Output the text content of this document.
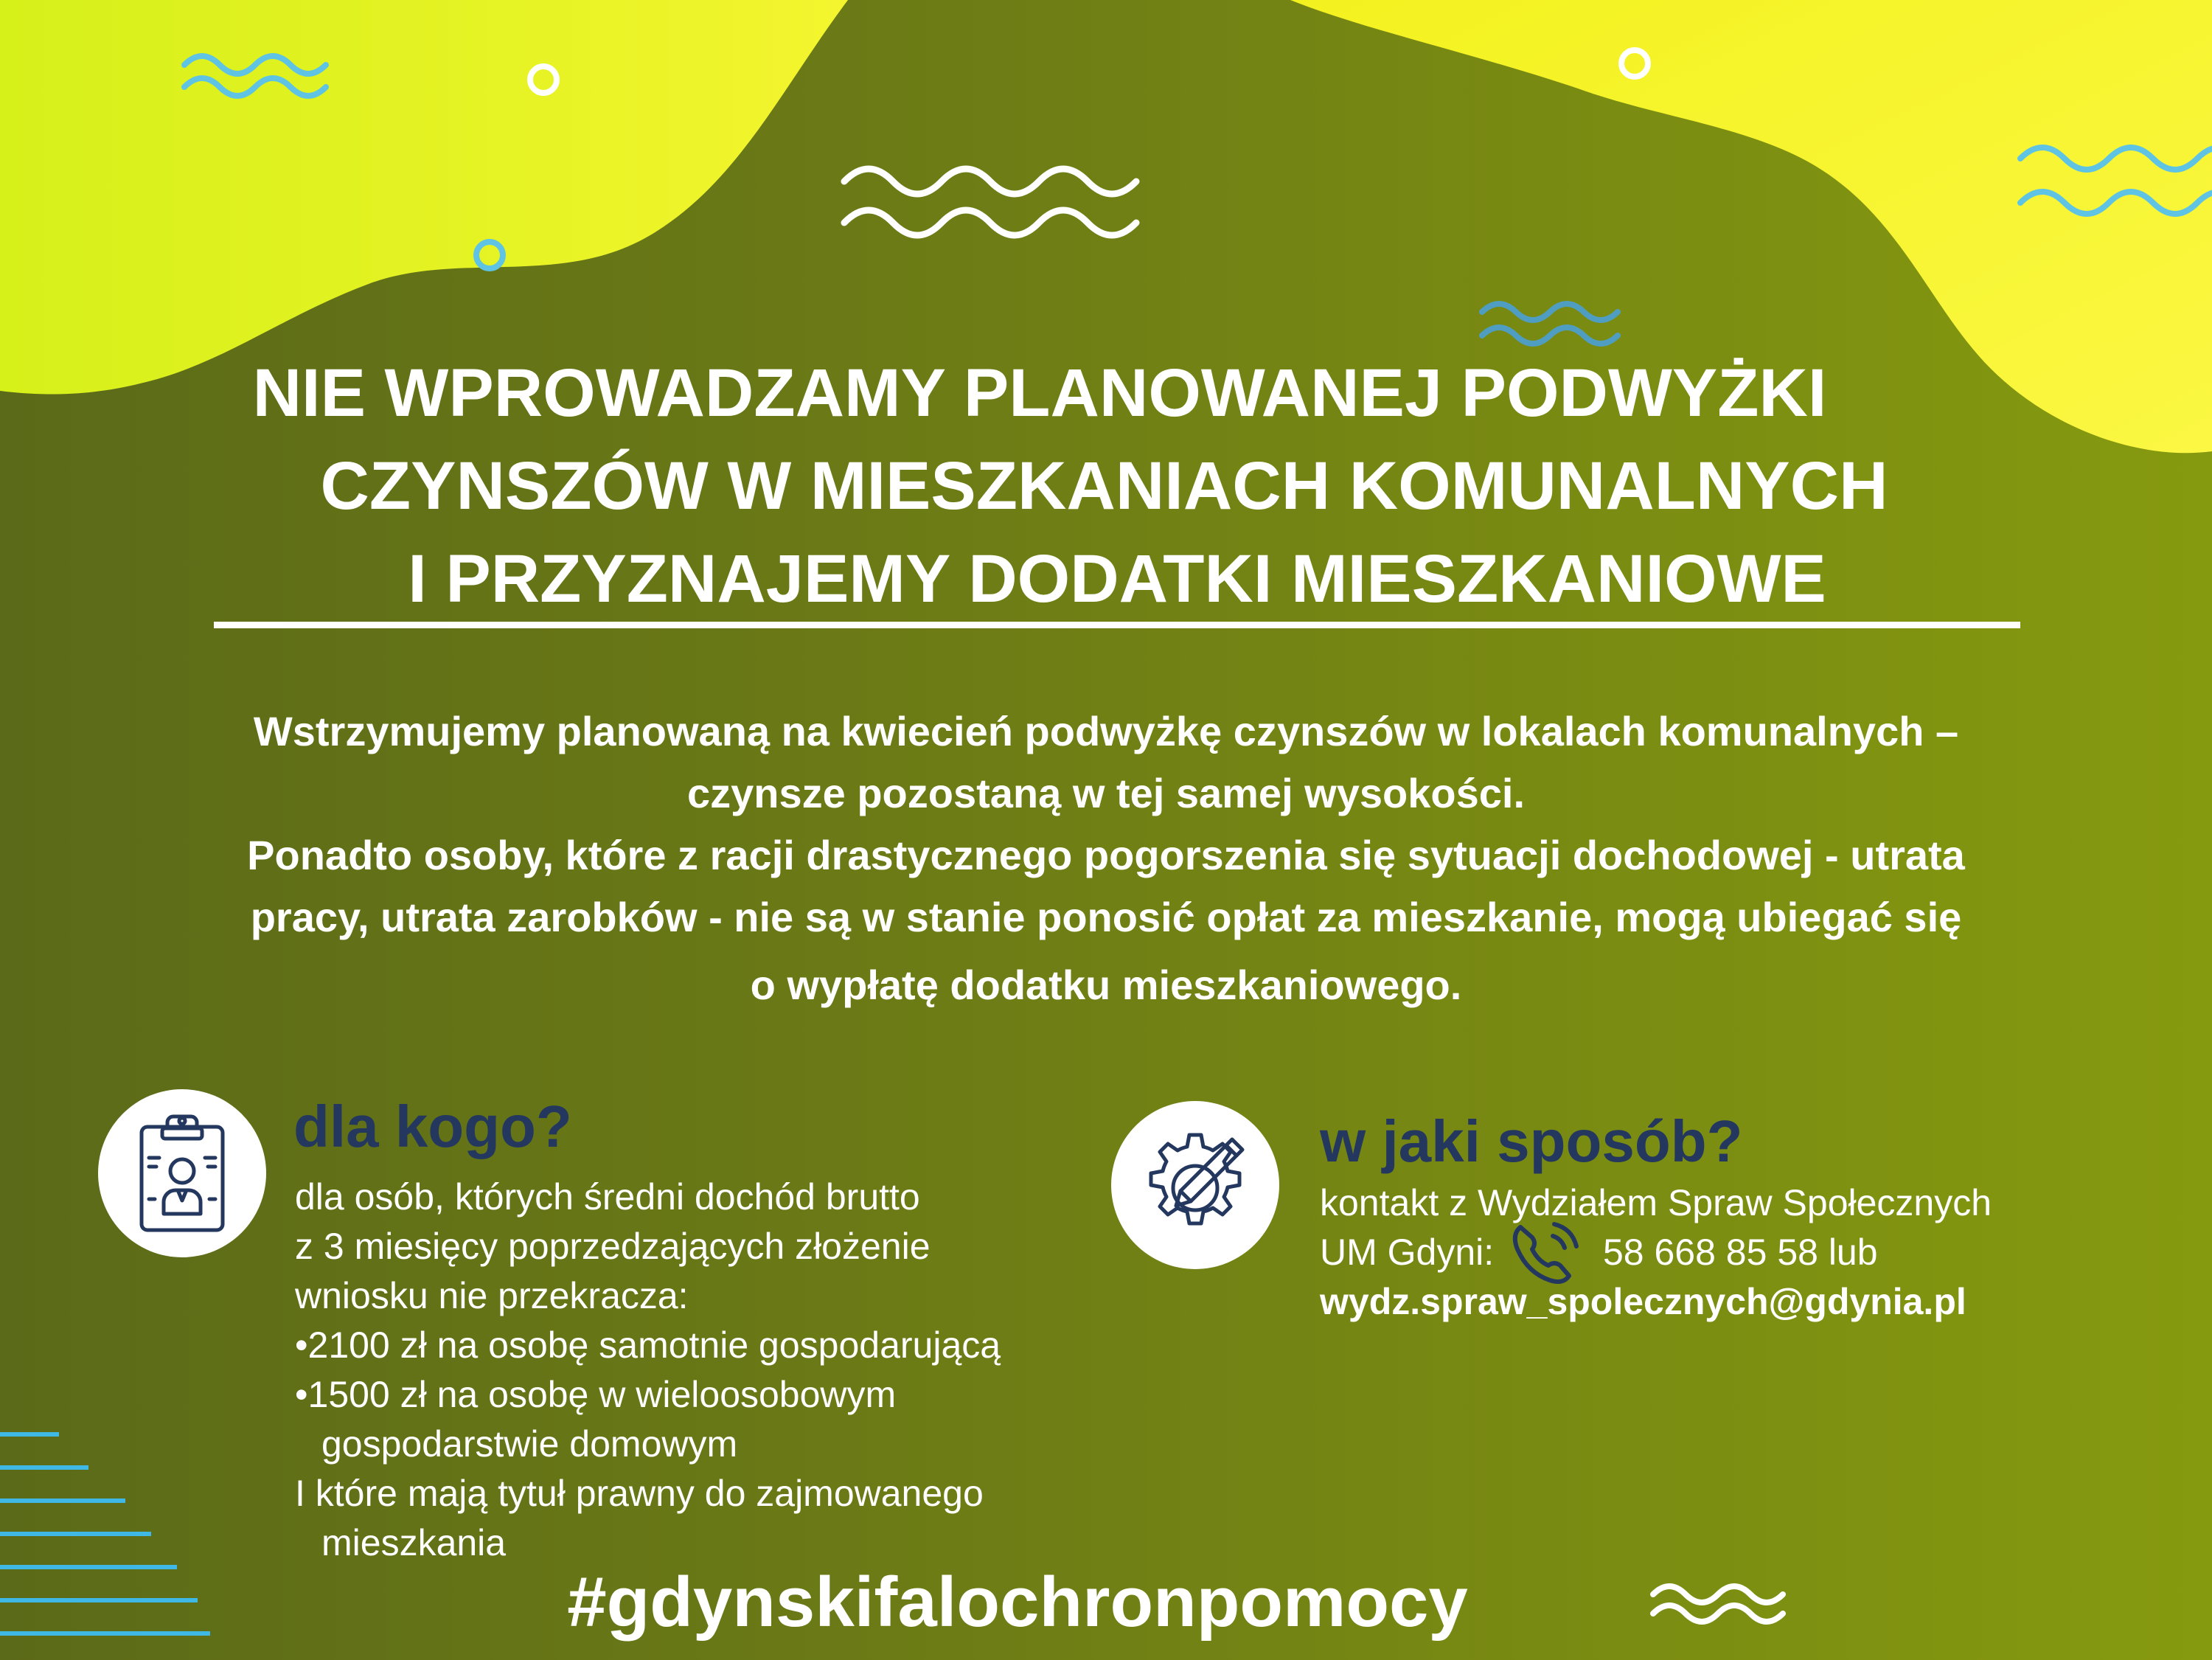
NIE WPROWADZAMY PLANOWANEJ PODWYŻKI
CZYNSZÓW W MIESZKANIACH KOMUNALNYCH
I PRZYZNAJEMY DODATKI MIESZKANIOWE
Wstrzymujemy planowaną na kwiecień podwyżkę czynszów w lokalach komunalnych –
czynsze pozostaną w tej samej wysokości.
Ponadto osoby, które z racji drastycznego pogorszenia się sytuacji dochodowej - utrata
pracy, utrata zarobków - nie są w stanie ponosić opłat za mieszkanie, mogą ubiegać się
o wypłatę dodatku mieszkaniowego.
dla kogo?
dla osób, których średni dochód brutto
z 3 miesięcy poprzedzających złożenie
wniosku nie przekracza:
•2100 zł na osobę samotnie gospodarującą
•1500 zł na osobę w wieloosobowym
gospodarstwie domowym
I które mają tytuł prawny do zajmowanego
mieszkania
w jaki sposób?
kontakt z Wydziałem Spraw Społecznych
UM Gdyni:	58 668 85 58 lub
wydz.spraw_spolecznych@gdynia.pl
#gdynskifalochronpomocy
